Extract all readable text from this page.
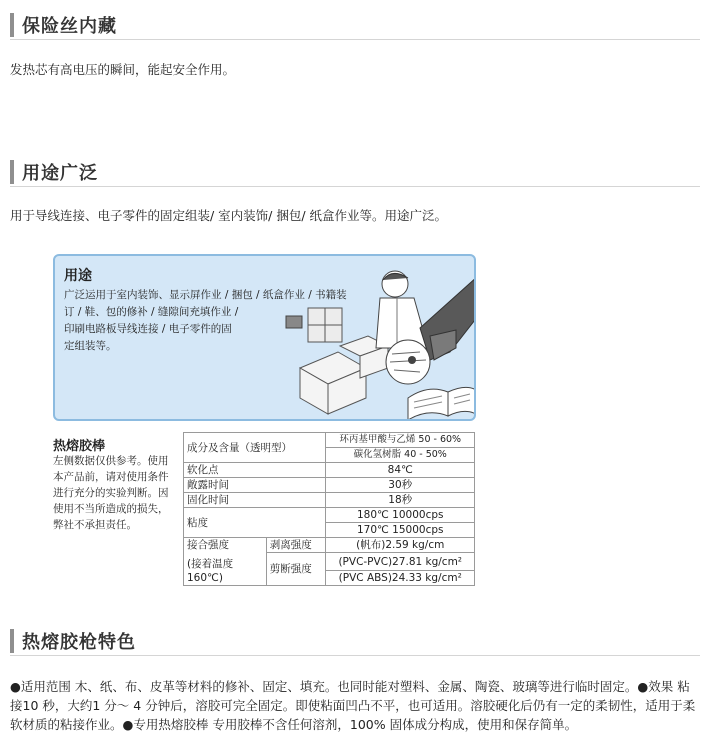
保险丝内藏
发热芯有高电压的瞬间，能起安全作用。
用途广泛
用于导线连接、电子零件的固定组装/ 室内装饰/ 捆包/ 纸盒作业等。用途广泛。
用途
广泛运用于室内装饰、显示屏作业 / 捆包 / 纸盒作业 / 书籍装
订 / 鞋、包的修补 / 缝隙间充填作业 /
印刷电路板导线连接 / 电子零件的固
定组装等。
热熔胶棒
左侧数据仅供参考。使用
本产品前，请对使用条件
进行充分的实验判断。因
使用不当所造成的损失，
弊社不承担责任。
成分及含量（透明型）		环丙基甲酸与乙烯 50 - 60%
		碳化氢树脂 40 - 50%
软化点		84℃
敞露时间		30秒
固化时间		18秒
粘度		180℃ 10000cps
		170℃ 15000cps

接合强度
(接着温度160℃)	剥离强度	(帆布)2.59 kg/cm
	剪断强度	(PVC-PVC)27.81 kg/cm²
		(PVC ABS)24.33 kg/cm²
热熔胶枪特色
●适用范围 木、纸、布、皮革等材料的修补、固定、填充。也同时能对塑料、金属、陶瓷、玻璃等进行临时固定。●效果 粘接10 秒，大约1 分～ 4 分钟后，溶胶可完全固定。即使粘面凹凸不平，也可适用。溶胶硬化后仍有一定的柔韧性，适用于柔软材质的粘接作业。●专用热熔胶棒 专用胶棒不含任何溶剂，100% 固体成分构成，使用和保存简单。
